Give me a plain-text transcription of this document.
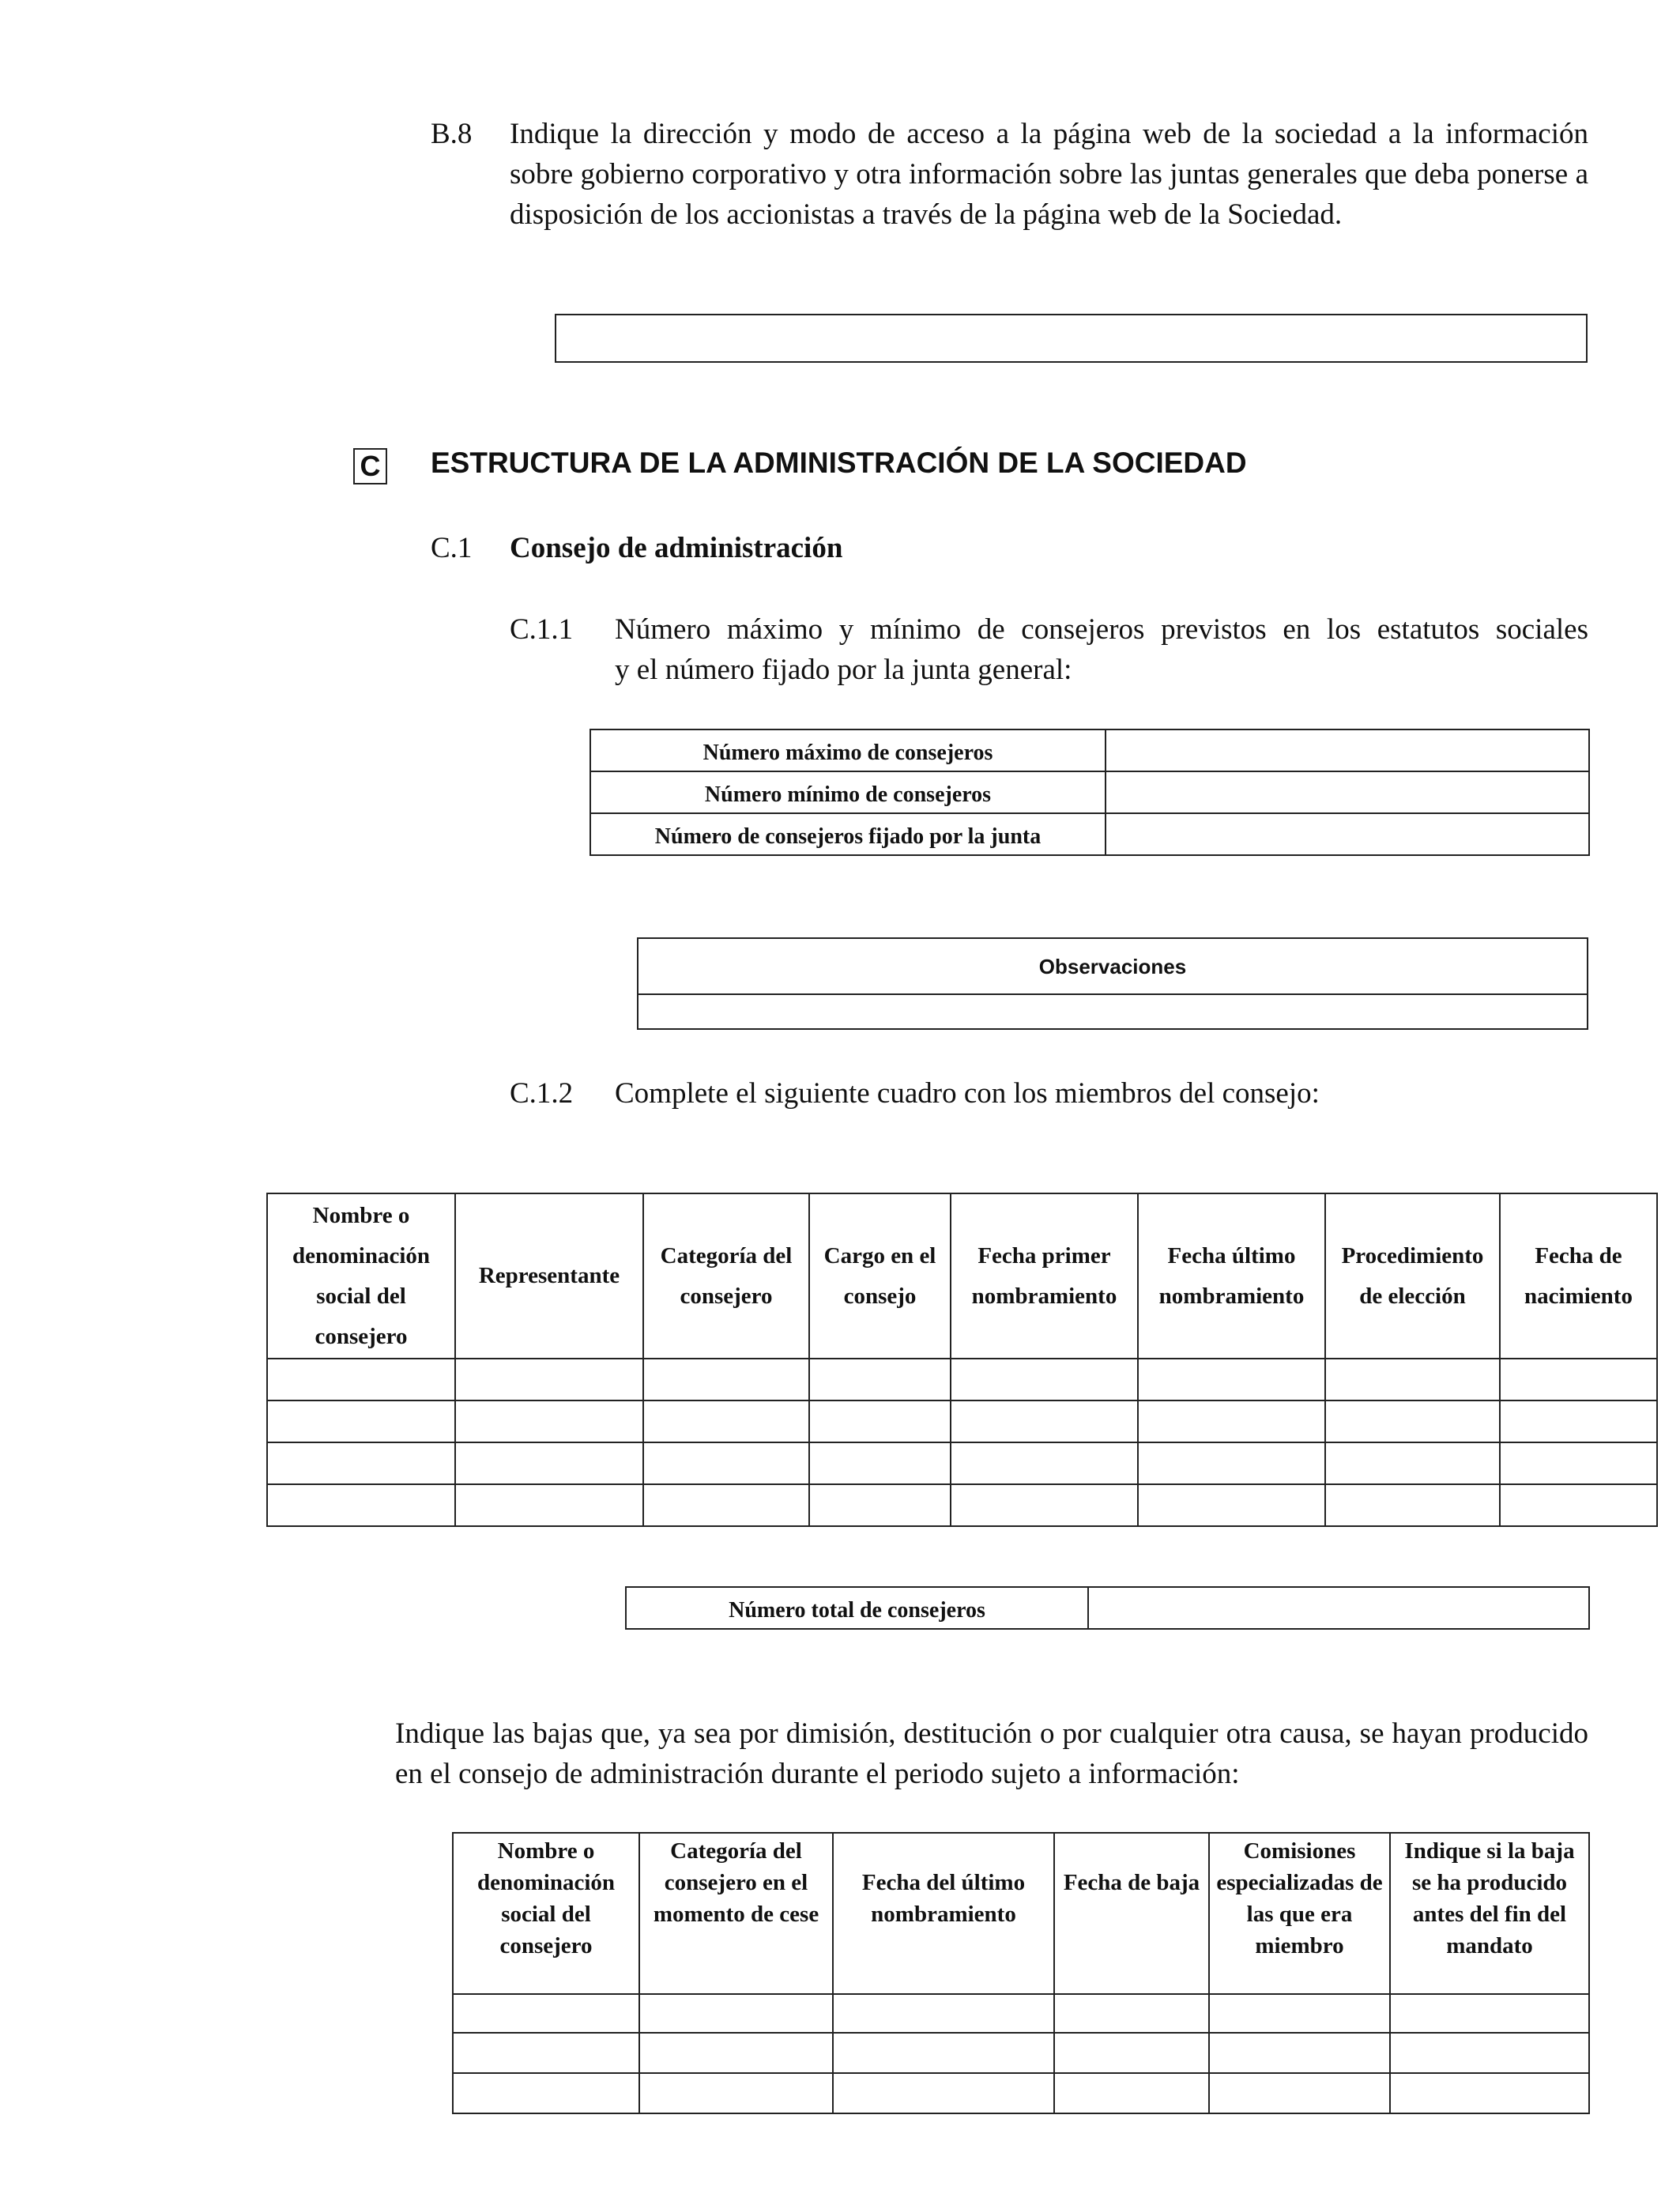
B.8 Indique la dirección y modo de acceso a la página web de la sociedad a la información sobre gobierno corporativo y otra información sobre las juntas generales que deba ponerse a disposición de los accionistas a través de la página web de la Sociedad.
C ESTRUCTURA DE LA ADMINISTRACIÓN DE LA SOCIEDAD
C.1 Consejo de administración
C.1.1 Número máximo y mínimo de consejeros previstos en los estatutos sociales
y el número fijado por la junta general:
Número máximo de consejeros	
Número mínimo de consejeros	
Número de consejeros fijado por la junta	
Observaciones

C.1.2 Complete el siguiente cuadro con los miembros del consejo:
Nombre o denominación social del consejero	Representante	Categoría del consejero	Cargo en el consejo	Fecha primer nombramiento	Fecha último nombramiento	Procedimiento de elección	Fecha de nacimiento

Número total de consejeros	
Indique las bajas que, ya sea por dimisión, destitución o por cualquier otra causa, se hayan producido en el consejo de administración durante el periodo sujeto a información:
Nombre o denominación social del consejero	Categoría del consejero en el momento de cese	Fecha del último nombramiento	Fecha de baja	Comisiones especializadas de las que era miembro	Indique si la baja se ha producido antes del fin del mandato
